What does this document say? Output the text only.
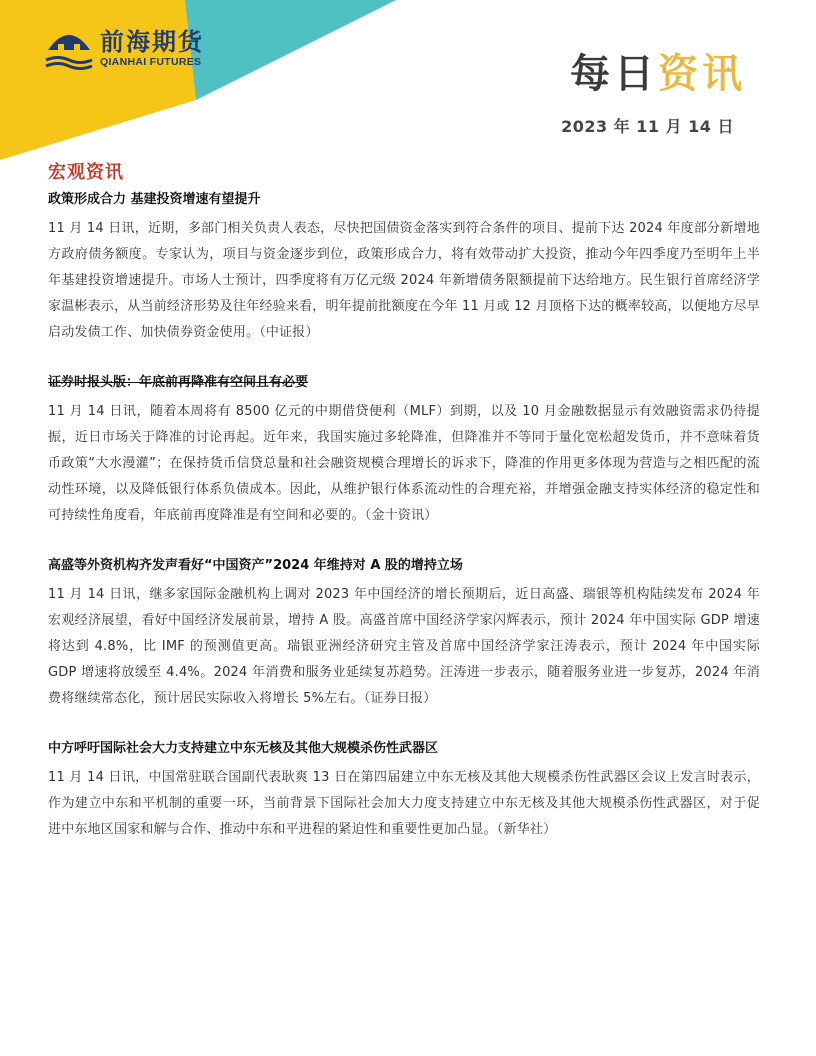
前海期货
QIANHAI FUTURES	每日资讯
2023 年 11 月 14 日
宏观资讯
政策形成合力 基建投资增速有望提升

11 月 14 日讯，近期，多部门相关负责人表态，尽快把国债资金落实到符合条件的项目、提前下达 2024 年度部分新增地方政府债务额度。专家认为，项目与资金逐步到位，政策形成合力，将有效带动扩大投资，推动今年四季度乃至明年上半年基建投资增速提升。市场人士预计，四季度将有万亿元级 2024 年新增债务限额提前下达给地方。民生银行首席经济学家温彬表示，从当前经济形势及往年经验来看，明年提前批额度在今年 11 月或 12 月顶格下达的概率较高，以便地方尽早启动发债工作、加快债券资金使用。（中证报）

证券时报头版：年底前再降准有空间且有必要

11 月 14 日讯，随着本周将有 8500 亿元的中期借贷便利（MLF）到期，以及 10 月金融数据显示有效融资需求仍待提振，近日市场关于降准的讨论再起。近年来，我国实施过多轮降准，但降准并不等同于量化宽松超发货币，并不意味着货币政策“大水漫灌”；在保持货币信贷总量和社会融资规模合理增长的诉求下，降准的作用更多体现为营造与之相匹配的流动性环境，以及降低银行体系负债成本。因此，从维护银行体系流动性的合理充裕，并增强金融支持实体经济的稳定性和可持续性角度看，年底前再度降准是有空间和必要的。（金十资讯）

高盛等外资机构齐发声看好“中国资产”2024 年维持对 A 股的增持立场

11 月 14 日讯，继多家国际金融机构上调对 2023 年中国经济的增长预期后，近日高盛、瑞银等机构陆续发布 2024 年宏观经济展望，看好中国经济发展前景，增持 A 股。高盛首席中国经济学家闪辉表示，预计 2024 年中国实际 GDP 增速将达到 4.8%，比 IMF 的预测值更高。瑞银亚洲经济研究主管及首席中国经济学家汪涛表示，预计 2024 年中国实际 GDP 增速将放缓至 4.4%。2024 年消费和服务业延续复苏趋势。汪涛进一步表示，随着服务业进一步复苏，2024 年消费将继续常态化，预计居民实际收入将增长 5%左右。（证券日报）

中方呼吁国际社会大力支持建立中东无核及其他大规模杀伤性武器区

11 月 14 日讯，中国常驻联合国副代表耿爽 13 日在第四届建立中东无核及其他大规模杀伤性武器区会议上发言时表示，作为建立中东和平机制的重要一环，当前背景下国际社会加大力度支持建立中东无核及其他大规模杀伤性武器区，对于促进中东地区国家和解与合作、推动中东和平进程的紧迫性和重要性更加凸显。（新华社）
